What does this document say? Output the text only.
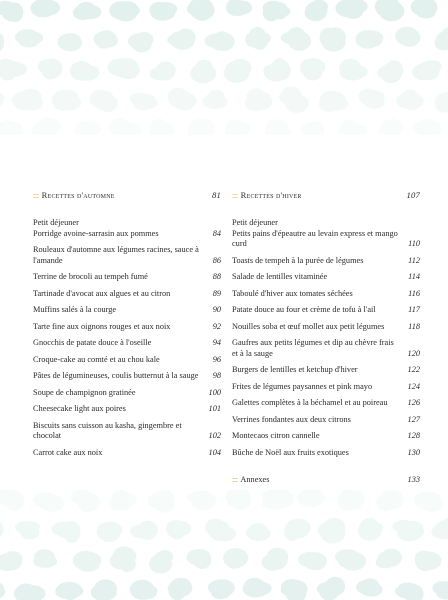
::: Recettes d'automne	81
Petit déjeuner
Porridge avoine-sarrasin aux pommes	84
Rouleaux d'automne aux légumes racines, sauce à l'amande	86
Terrine de brocoli au tempeh fumé	88
Tartinade d'avocat aux algues et au citron	89
Muffins salés à la courge	90
Tarte fine aux oignons rouges et aux noix	92
Gnocchis de patate douce à l'oseille	94
Croque-cake au comté et au chou kale	96
Pâtes de légumineuses, coulis butternut à la sauge	98
Soupe de champignon gratinée	100
Cheesecake light aux poires	101
Biscuits sans cuisson au kasha, gingembre et chocolat	102
Carrot cake aux noix	104
::: Recettes d'hiver	107
Petit déjeuner
Petits pains d'épeautre au levain express et mango curd	110
Toasts de tempeh à la purée de légumes	112
Salade de lentilles vitaminée	114
Taboulé d'hiver aux tomates séchées	116
Patate douce au four et crème de tofu à l'ail	117
Nouilles soba et œuf mollet aux petit légumes	118
Gaufres aux petits légumes et dip au chèvre frais et à la sauge	120
Burgers de lentilles et ketchup d'hiver	122
Frites de légumes paysannes et pink mayo	124
Galettes complètes à la béchamel et au poireau	126
Verrines fondantes aux deux citrons	127
Montecaos citron cannelle	128
Bûche de Noël aux fruits exotiques	130
::: Annexes	133
